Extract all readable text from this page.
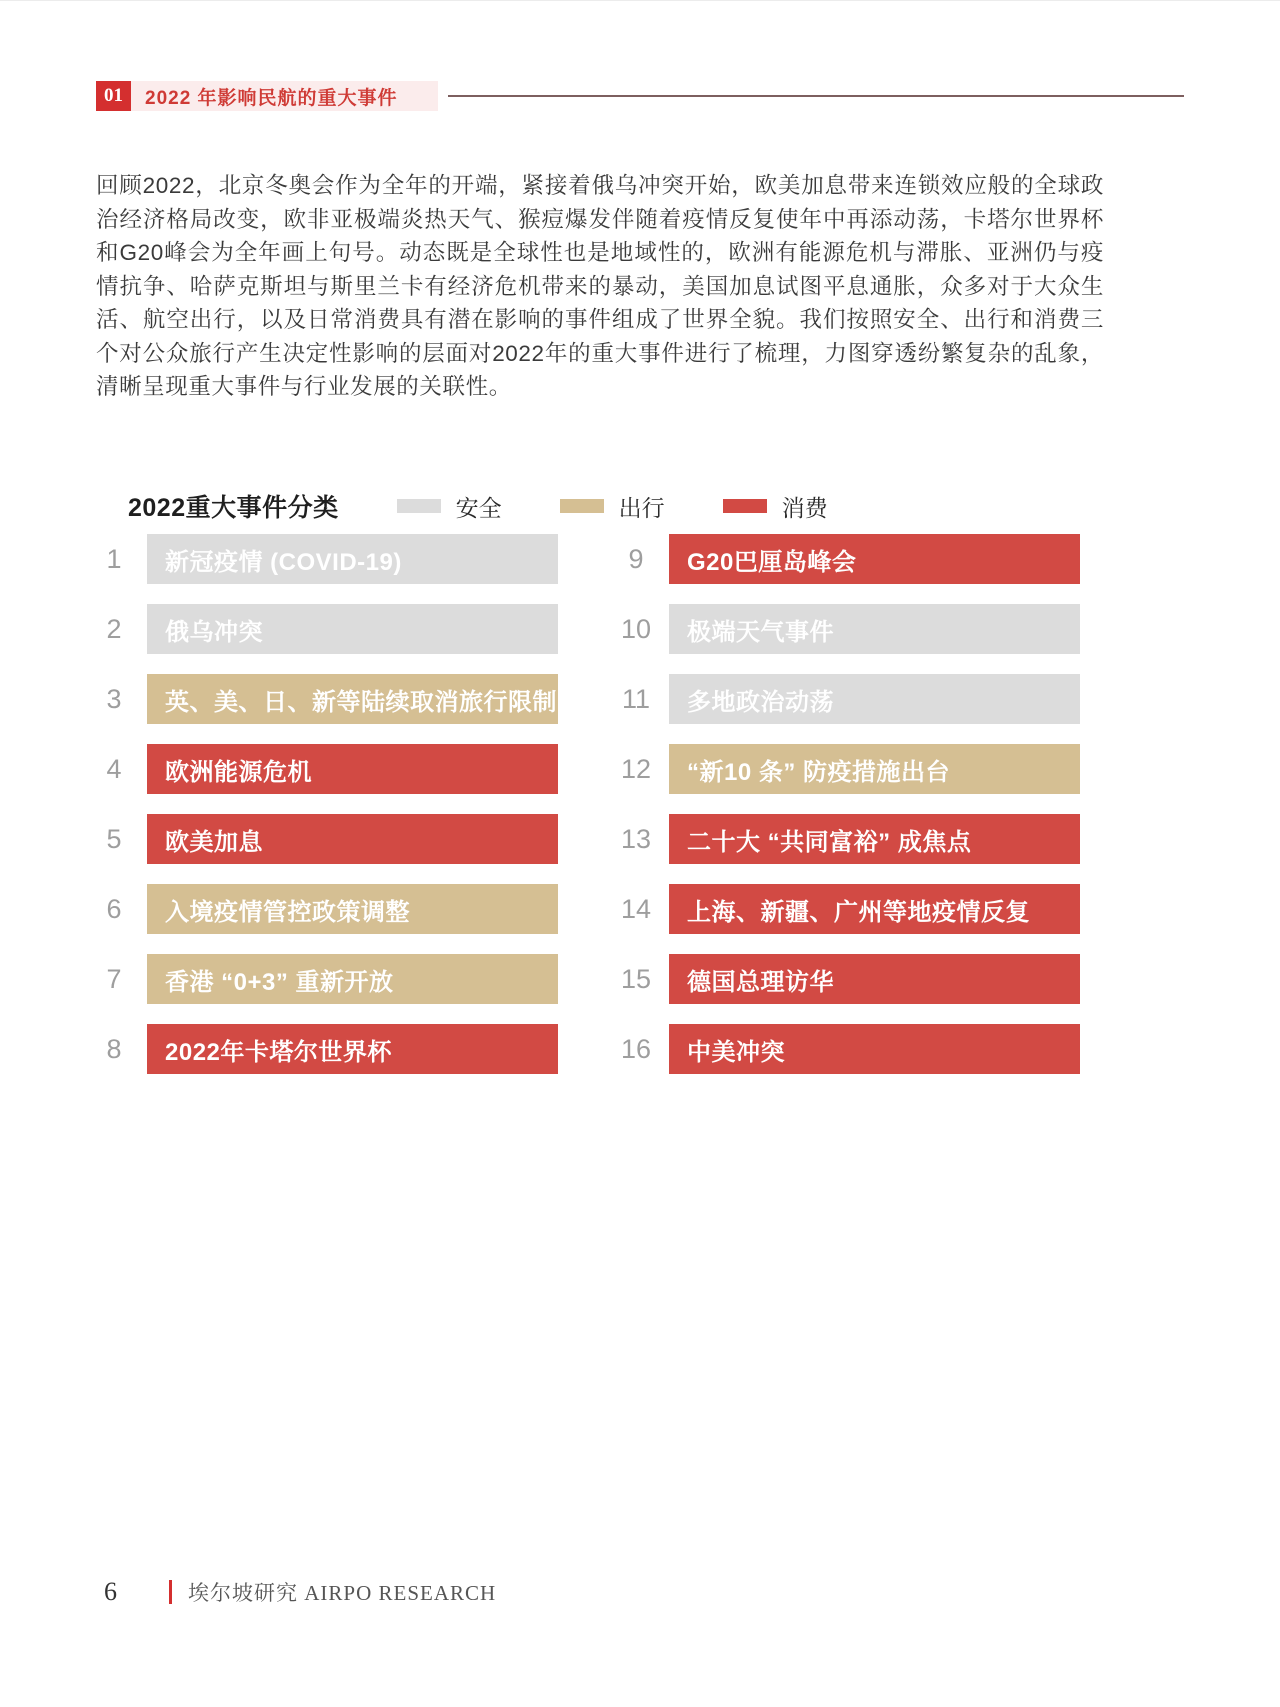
01	2022 年影响民航的重大事件

回顾2022，北京冬奥会作为全年的开端，紧接着俄乌冲突开始，欧美加息带来连锁效应般的全球政治经济格局改变，欧非亚极端炎热天气、猴痘爆发伴随着疫情反复使年中再添动荡，卡塔尔世界杯和G20峰会为全年画上句号。动态既是全球性也是地域性的，欧洲有能源危机与滞胀、亚洲仍与疫情抗争、哈萨克斯坦与斯里兰卡有经济危机带来的暴动，美国加息试图平息通胀，众多对于大众生活、航空出行，以及日常消费具有潜在影响的事件组成了世界全貌。我们按照安全、出行和消费三个对公众旅行产生决定性影响的层面对2022年的重大事件进行了梳理，力图穿透纷繁复杂的乱象，清晰呈现重大事件与行业发展的关联性。

2022重大事件分类	安全	出行	消费
1	新冠疫情 (COVID-19)
2	俄乌冲突
3	英、美、日、新等陆续取消旅行限制
4	欧洲能源危机
5	欧美加息
6	入境疫情管控政策调整
7	香港 “0+3” 重新开放
8	2022年卡塔尔世界杯
9	G20巴厘岛峰会
10 极端天气事件
11 多地政治动荡
12 “新10 条” 防疫措施出台
13 二十大 “共同富裕” 成焦点
14 上海、新疆、广州等地疫情反复
15 德国总理访华
16 中美冲突
6	埃尔坡研究 AIRPO RESEARCH
